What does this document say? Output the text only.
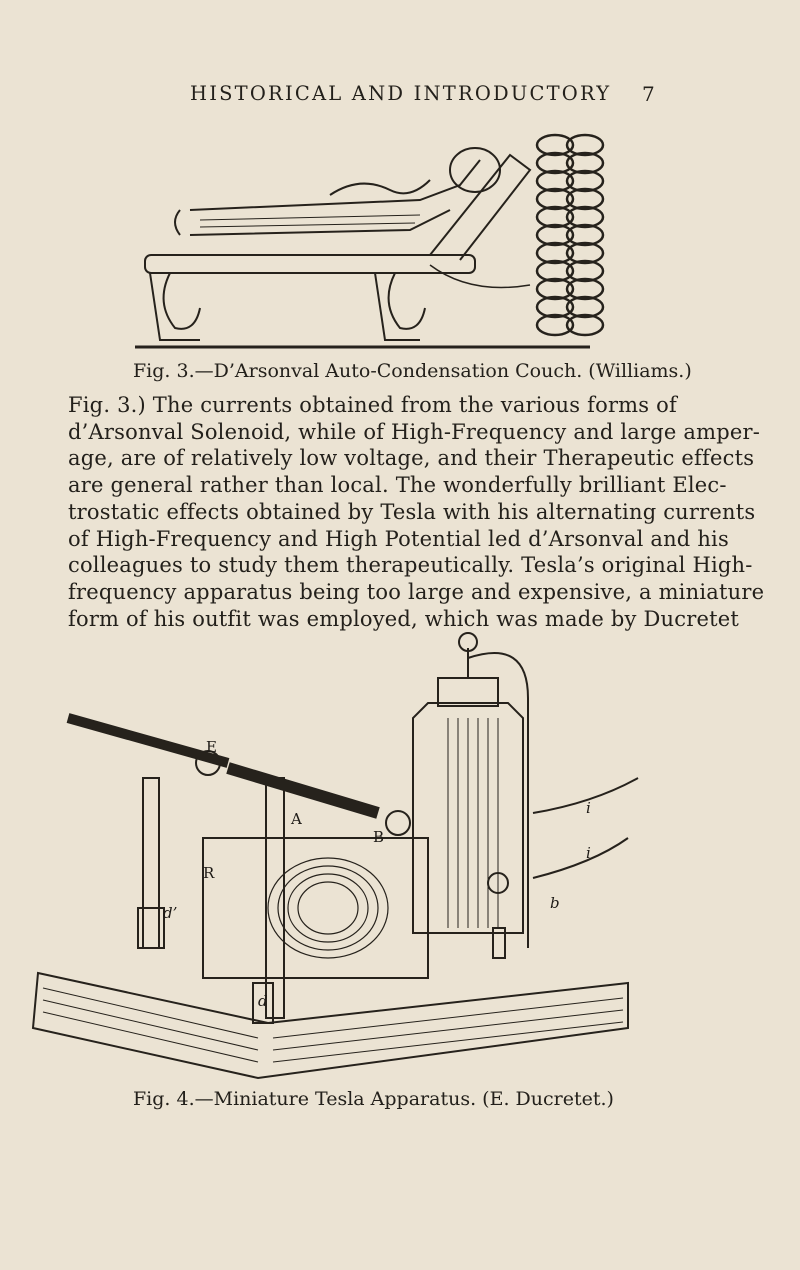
HISTORICAL AND INTRODUCTORY	7
Fig. 3.—D’Arsonval Auto-Condensation Couch. (Williams.)
Fig. 3.) The currents obtained from the various forms of
d’Arsonval Solenoid, while of High-Frequency and large amper-
age, are of relatively low voltage, and their Therapeutic effects
are general rather than local. The wonderfully brilliant Elec-
trostatic effects obtained by Tesla with his alternating currents
of High-Frequency and High Potential led d’Arsonval and his
colleagues to study them therapeutically. Tesla’s original High-
frequency apparatus being too large and expensive, a miniature
form of his outfit was employed, which was made by Ducretet
E
A
B
R
d’
d
b
i
i
Fig. 4.—Miniature Tesla Apparatus. (E. Ducretet.)
